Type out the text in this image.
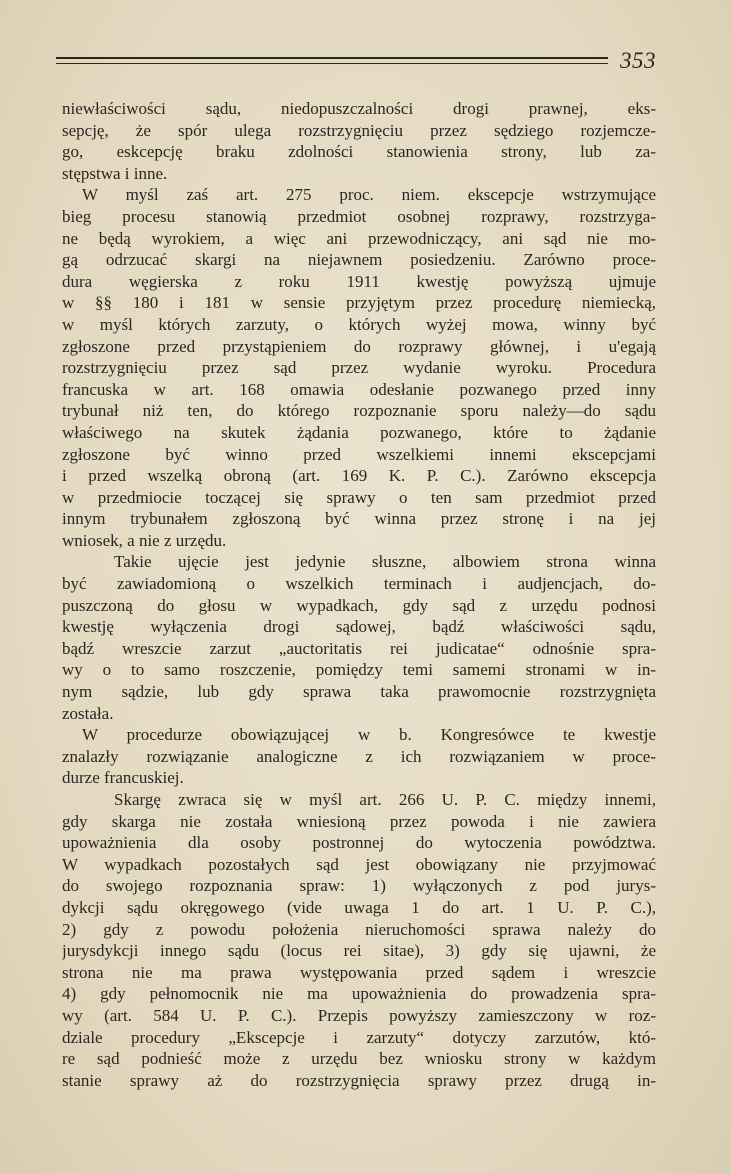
353
niewłaściwości sądu, niedopuszczalności drogi prawnej, eks-
sepcję, że spór ulega rozstrzygnięciu przez sędziego rozjemcze-
go, eskcepcję braku zdolności stanowienia strony, lub za-
stępstwa i inne.
W myśl zaś art. 275 proc. niem. ekscepcje wstrzymujące
bieg procesu stanowią przedmiot osobnej rozprawy, rozstrzyga-
ne będą wyrokiem, a więc ani przewodniczący, ani sąd nie mo-
gą odrzucać skargi na niejawnem posiedzeniu. Zarówno proce-
dura węgierska z roku 1911 kwestję powyższą ujmuje
w §§ 180 i 181 w sensie przyjętym przez procedurę niemiecką,
w myśl których zarzuty, o których wyżej mowa, winny być
zgłoszone przed przystąpieniem do rozprawy głównej, i u'egają
rozstrzygnięciu przez sąd przez wydanie wyroku. Procedura
francuska w art. 168 omawia odesłanie pozwanego przed inny
trybunał niż ten, do którego rozpoznanie sporu należy—do sądu
właściwego na skutek żądania pozwanego, które to żądanie
zgłoszone być winno przed wszelkiemi innemi ekscepcjami
i przed wszelką obroną (art. 169 K. P. C.). Zarówno ekscepcja
w przedmiocie toczącej się sprawy o ten sam przedmiot przed
innym trybunałem zgłoszoną być winna przez stronę i na jej
wniosek, a nie z urzędu.
Takie ujęcie jest jedynie słuszne, albowiem strona winna
być zawiadomioną o wszelkich terminach i audjencjach, do-
puszczoną do głosu w wypadkach, gdy sąd z urzędu podnosi
kwestję wyłączenia drogi sądowej, bądź właściwości sądu,
bądź wreszcie zarzut „auctoritatis rei judicatae“ odnośnie spra-
wy o to samo roszczenie, pomiędzy temi samemi stronami w in-
nym sądzie, lub gdy sprawa taka prawomocnie rozstrzygnięta
została.
W procedurze obowiązującej w b. Kongresówce te kwestje
znalazły rozwiązanie analogiczne z ich rozwiązaniem w proce-
durze francuskiej.
Skargę zwraca się w myśl art. 266 U. P. C. między innemi,
gdy skarga nie została wniesioną przez powoda i nie zawiera
upoważnienia dla osoby postronnej do wytoczenia powództwa.
W wypadkach pozostałych sąd jest obowiązany nie przyjmować
do swojego rozpoznania spraw: 1) wyłączonych z pod jurys-
dykcji sądu okręgowego (vide uwaga 1 do art. 1 U. P. C.),
2) gdy z powodu położenia nieruchomości sprawa należy do
jurysdykcji innego sądu (locus rei sitae), 3) gdy się ujawni, że
strona nie ma prawa występowania przed sądem i wreszcie
4) gdy pełnomocnik nie ma upoważnienia do prowadzenia spra-
wy (art. 584 U. P. C.). Przepis powyższy zamieszczony w roz-
dziale procedury „Ekscepcje i zarzuty“ dotyczy zarzutów, któ-
re sąd podnieść może z urzędu bez wniosku strony w każdym
stanie sprawy aż do rozstrzygnięcia sprawy przez drugą in-
